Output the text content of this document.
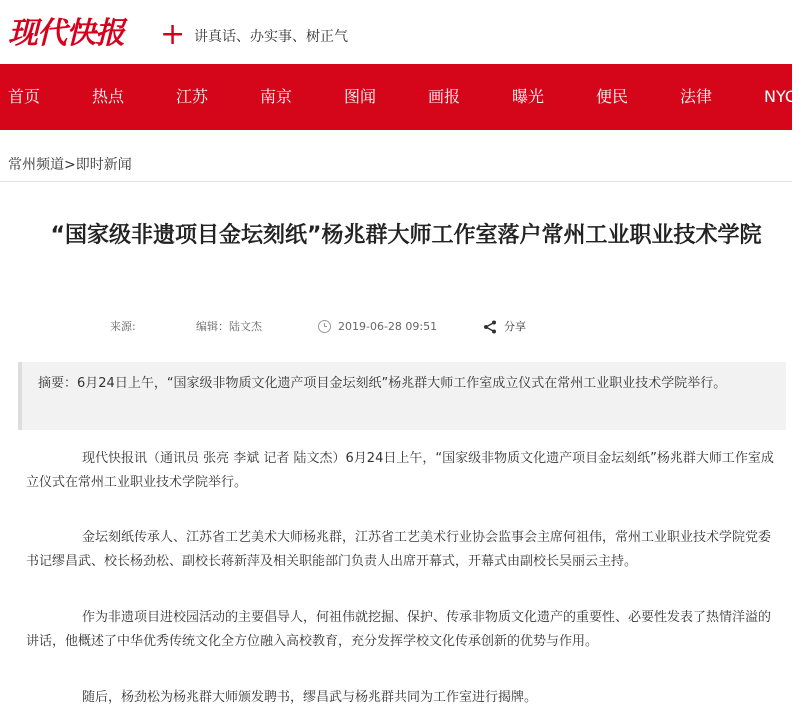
现代快报 + 讲真话、办实事、树正气
首页	热点	江苏	南京	图闻	画报	曝光	便民	法律	NYC街
常州频道>即时新闻
“国家级非遗项目金坛刻纸”杨兆群大师工作室落户常州工业职业技术学院
来源:	编辑：陆文杰	2019-06-28 09:51	分享
摘要：6月24日上午，“国家级非物质文化遗产项目金坛刻纸”杨兆群大师工作室成立仪式在常州工业职业技术学院举行。

现代快报讯（通讯员 张亮 李斌 记者 陆文杰）6月24日上午，“国家级非物质文化遗产项目金坛刻纸”杨兆群大师工作室成立仪式在常州工业职业技术学院举行。

金坛刻纸传承人、江苏省工艺美术大师杨兆群，江苏省工艺美术行业协会监事会主席何祖伟，常州工业职业技术学院党委书记缪昌武、校长杨劲松、副校长蒋新萍及相关职能部门负责人出席开幕式，开幕式由副校长吴丽云主持。

作为非遗项目进校园活动的主要倡导人，何祖伟就挖掘、保护、传承非物质文化遗产的重要性、必要性发表了热情洋溢的讲话，他概述了中华优秀传统文化全方位融入高校教育，充分发挥学校文化传承创新的优势与作用。

随后，杨劲松为杨兆群大师颁发聘书，缪昌武与杨兆群共同为工作室进行揭牌。
